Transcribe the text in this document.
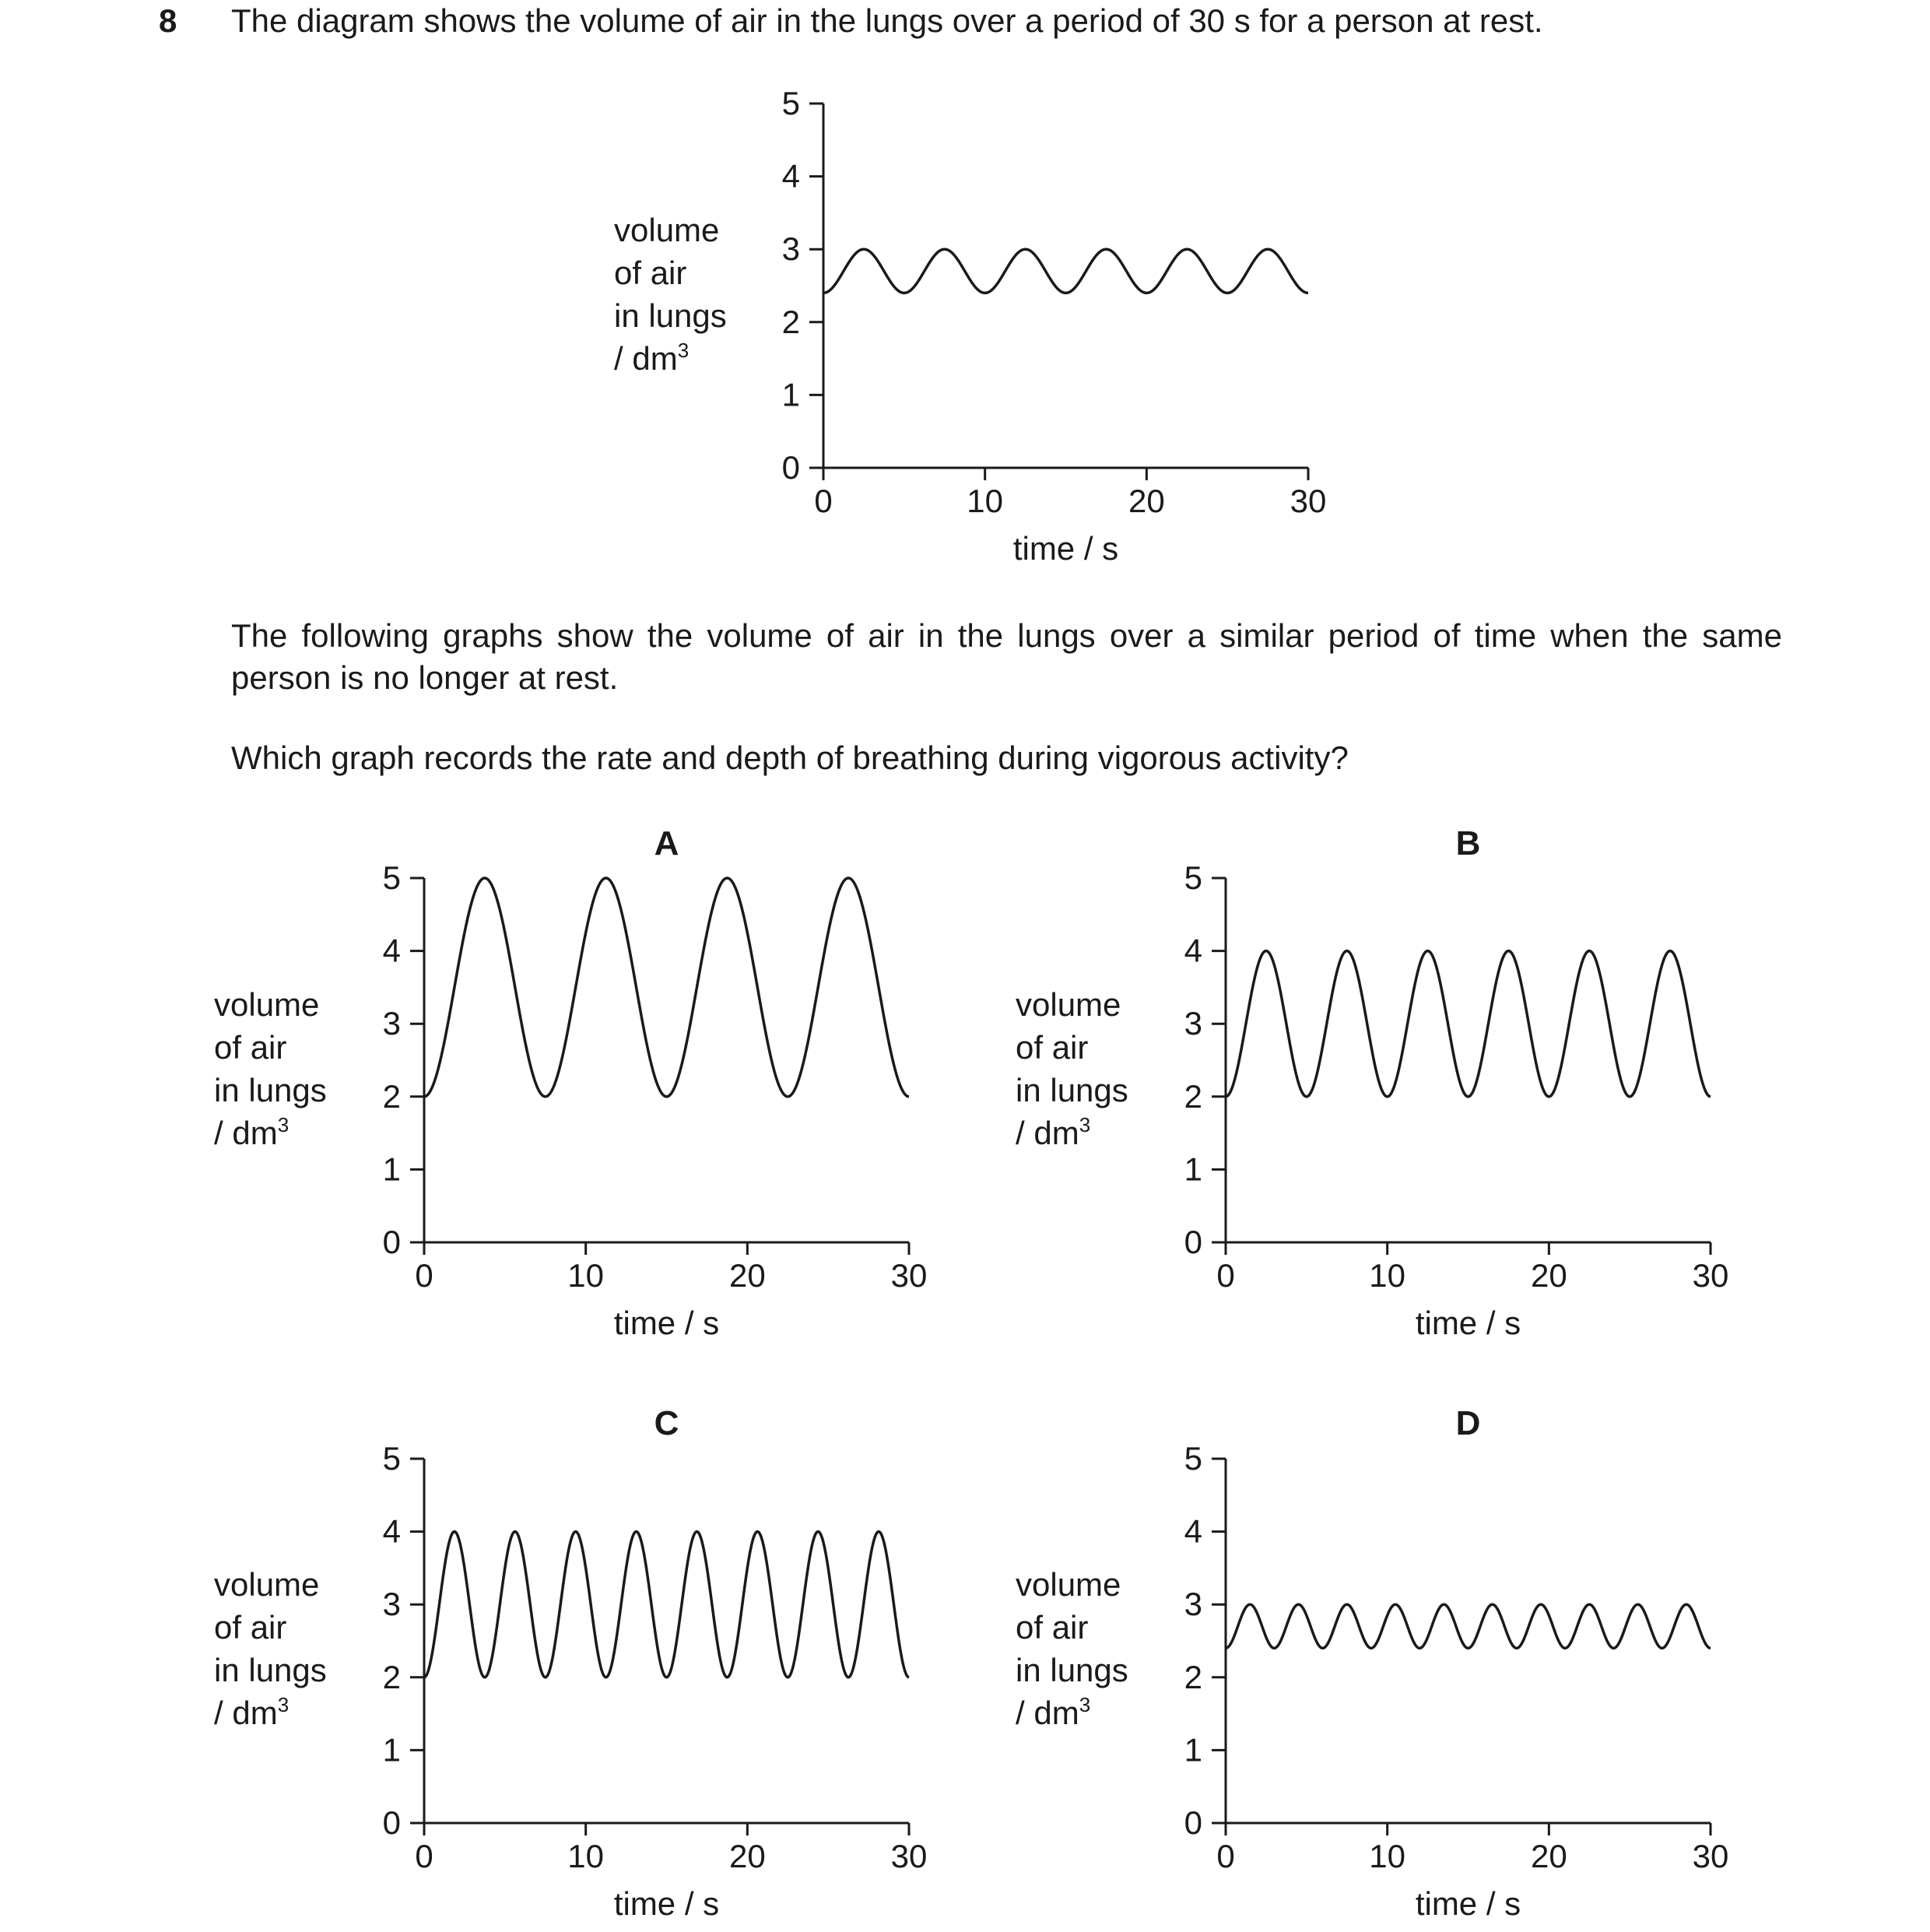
8 The diagram shows the volume of air in the lungs over a period of 30 s for a person at rest.
0
1
2
3
4
5
0	10	20	30
time / s
volume
of air
in lungs
/ $dm^3$
0
1
2
3
4
5
0	10	20	30
time / s
volume
of air
in lungs
/ $dm^3$
A
0
1
2
3
4
5
0	10	20	30
time / s
volume
of air
in lungs
/ $dm^3$
B
0
1
2
3
4
5
0	10	20	30
time / s
volume
of air
in lungs
/ $dm^3$
C
0
1
2
3
4
5
0	10	20	30
time / s
volume
of air
in lungs
/ $dm^3$
D
The following graphs show the volume of air in the lungs over a similar period of time when the same person is no longer at rest.
Which graph records the rate and depth of breathing during vigorous activity?
